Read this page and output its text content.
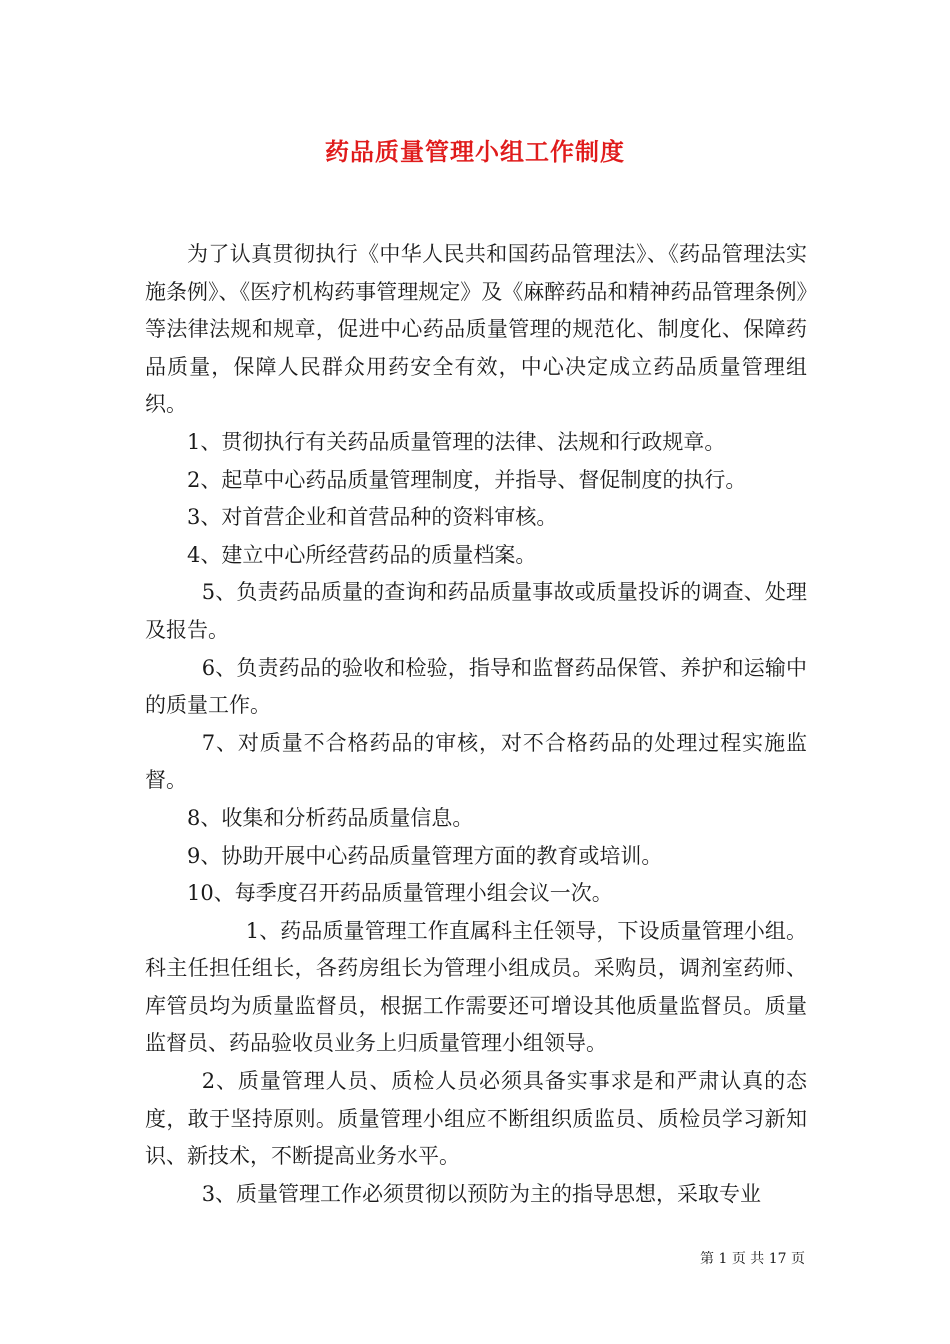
药品质量管理小组工作制度

为了认真贯彻执行《中华人民共和国药品管理法》、《药品管理法实施条例》、《医疗机构药事管理规定》及《麻醉药品和精神药品管理条例》等法律法规和规章，促进中心药品质量管理的规范化、制度化、保障药品质量，保障人民群众用药安全有效，中心决定成立药品质量管理组织。

1、贯彻执行有关药品质量管理的法律、法规和行政规章。

2、起草中心药品质量管理制度，并指导、督促制度的执行。

3、对首营企业和首营品种的资料审核。

4、建立中心所经营药品的质量档案。

5、负责药品质量的查询和药品质量事故或质量投诉的调查、处理及报告。

6、负责药品的验收和检验，指导和监督药品保管、养护和运输中的质量工作。

7、对质量不合格药品的审核，对不合格药品的处理过程实施监督。

8、收集和分析药品质量信息。

9、协助开展中心药品质量管理方面的教育或培训。

10、每季度召开药品质量管理小组会议一次。

1、药品质量管理工作直属科主任领导，下设质量管理小组。科主任担任组长，各药房组长为管理小组成员。采购员，调剂室药师、库管员均为质量监督员，根据工作需要还可增设其他质量监督员。质量监督员、药品验收员业务上归质量管理小组领导。

2、质量管理人员、质检人员必须具备实事求是和严肃认真的态度，敢于坚持原则。质量管理小组应不断组织质监员、质检员学习新知识、新技术，不断提高业务水平。

3、质量管理工作必须贯彻以预防为主的指导思想，采取专业

第 1 页 共 17 页
